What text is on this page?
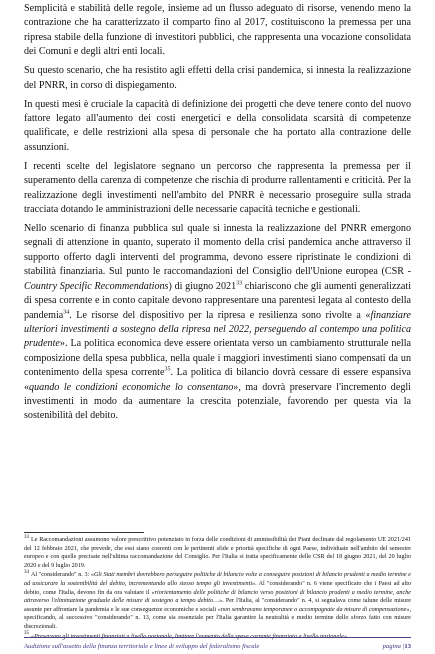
Semplicità e stabilità delle regole, insieme ad un flusso adeguato di risorse, venendo meno la contrazione che ha caratterizzato il comparto fino al 2017, costituiscono la premessa per una ripresa stabile della funzione di investitori pubblici, che rappresenta una vocazione consolidata dei Comuni e degli altri enti locali.

Su questo scenario, che ha resistito agli effetti della crisi pandemica, si innesta la realizzazione del PNRR, in corso di dispiegamento.

In questi mesi è cruciale la capacità di definizione dei progetti che deve tenere conto del nuovo fattore legato all'aumento dei costi energetici e della consolidata scarsità di competenze qualificate, e delle restrizioni alla spesa di personale che ha portato alla contrazione delle assunzioni.

I recenti scelte del legislatore segnano un percorso che rappresenta la premessa per il superamento della carenza di competenze che rischia di produrre rallentamenti e criticità. Per la realizzazione degli investimenti nell'ambito del PNRR è necessario proseguire sulla strada tracciata dotando le amministrazioni delle necessarie capacità tecniche e gestionali.

Nello scenario di finanza pubblica sul quale si innesta la realizzazione del PNRR emergono segnali di attenzione in quanto, superato il momento della crisi pandemica anche attraverso il supporto offerto dagli interventi del programma, devono essere ripristinate le condizioni di stabilità finanziaria. Sul punto le raccomandazioni del Consiglio dell'Unione europea (CSR - Country Specific Recommendations) di giugno 2021$^{33}$ chiariscono che gli aumenti generalizzati di spesa corrente e in conto capitale devono rappresentare una parentesi legata al contesto della pandemia$^{34}$. Le risorse del dispositivo per la ripresa e resilienza sono rivolte a «finanziare ulteriori investimenti a sostegno della ripresa nel 2022, perseguendo al contempo una politica prudente». La politica economica deve essere orientata verso un cambiamento strutturale nella composizione della spesa pubblica, nella quale i maggiori investimenti siano compensati da un contenimento della spesa corrente$^{35}$. La politica di bilancio dovrà cessare di essere espansiva «quando le condizioni economiche lo consentano», ma dovrà preservare l'incremento degli investimenti in modo da aumentare la crescita potenziale, favorendo per questa via la sostenibilità del debito.

$^{33}$ Le Raccomandazioni assumono valore prescrittivo potenziato in forza delle condizioni di ammissibilità dei Piani declinate dal regolamento UE 2021/241 del 12 febbraio 2021, che prevede, che essi siano coerenti con le pertinenti sfide e priorità specifiche di ogni Paese, individuate nell'ambito del semestre europeo e con quelle precisate nell'ultima raccomandazione del Consiglio. Per l'Italia si tratta specificamente delle CSR del 18 giugno 2021, del 20 luglio 2020 e del 9 luglio 2019.

$^{34}$ Al "considerando" n. 3: «Gli Stati membri dovrebbero perseguire politiche di bilancio volte a conseguire posizioni di bilancio prudenti a medio termine e ad assicurare la sostenibilità del debito, incrementando allo stesso tempo gli investimenti». Al "considerando" n. 6 viene specificato che i Paesi ad alto debito, come l'Italia, devono fin da ora valutare il «riorientamento delle politiche di bilancio verso posizioni di bilancio prudenti a medio termine, anche attraverso l'eliminazione graduale delle misure di sostegno a tempo debito…». Per l'Italia, al "considerando" n. 4, si segnalava come talune delle misure assunte per affrontare la pandemia e le sue conseguenze economiche e sociali «non sembravano temporanee o accompagnate da misure di compensazione», specificando, al successivo "considerando" n. 13, come sia essenziale per l'Italia garantire la neutralità e medio termine dello sforzo fatto con misure discrezionali.

$^{35}$ «Preservare gli investimenti finanziati a livello nazionale, limitare l'aumento della spesa corrente finanziata a livello nazionale».

Audizione sull'assetto della finanza territoriale e linee di sviluppo del federalismo fiscale	pagina |13
